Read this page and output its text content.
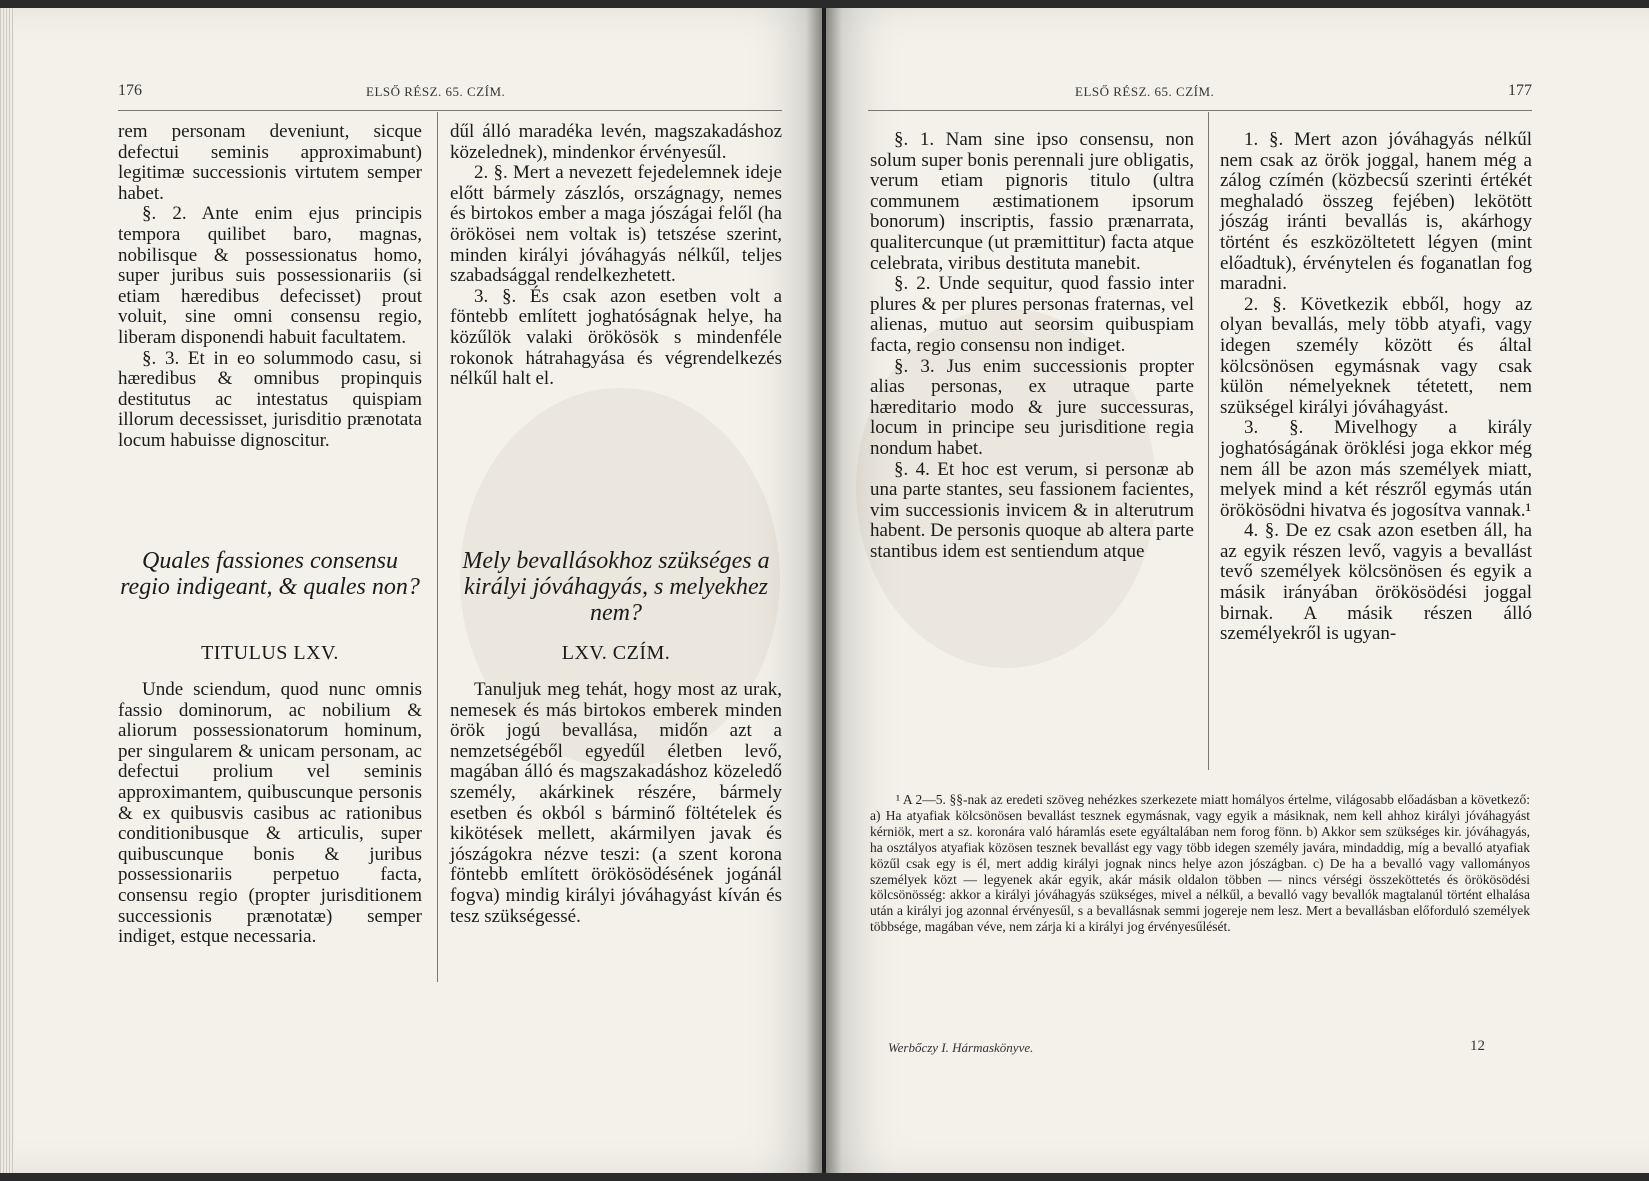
176	ELSŐ RÉSZ. 65. CZÍM.

rem personam deveniunt, sicque defectui seminis approximabunt) legitimæ successionis virtutem semper habet.

§. 2. Ante enim ejus principis tempora quilibet baro, magnas, nobilisque & possessionatus homo, super juribus suis possessionariis (si etiam hæredibus defecisset) prout voluit, sine omni consensu regio, liberam disponendi habuit facultatem.

§. 3. Et in eo solummodo casu, si hæredibus & omnibus propinquis destitutus ac intestatus quispiam illorum decessisset, jurisditio prænotata locum habuisse dignoscitur.

Quales fassiones consensu regio indigeant, & quales non?
TITULUS LXV.

Unde sciendum, quod nunc omnis fassio dominorum, ac nobilium & aliorum possessionatorum hominum, per singularem & unicam personam, ac defectui prolium vel seminis approximantem, quibuscunque personis & ex quibusvis casibus ac rationibus conditionibusque & articulis, super quibuscunque bonis & juribus possessionariis perpetuo facta, consensu regio (propter jurisditionem successionis prænotatæ) semper indiget, estque necessaria.

dűl álló maradéka levén, magszakadáshoz közelednek), mindenkor érvényesűl.

2. §. Mert a nevezett fejedelemnek ideje előtt bármely zászlós, országnagy, nemes és birtokos ember a maga jószágai felől (ha örökösei nem voltak is) tetszése szerint, minden királyi jóváhagyás nélkűl, teljes szabadsággal rendelkezhetett.

3. §. És csak azon esetben volt a föntebb említett joghatóságnak helye, ha közűlök valaki örökösök s mindenféle rokonok hátrahagyása és végrendelkezés nélkűl halt el.

Mely bevallásokhoz szükséges a királyi jóváhagyás, s melyekhez nem?
LXV. CZÍM.

Tanuljuk meg tehát, hogy most az urak, nemesek és más birtokos emberek minden örök jogú bevallása, midőn azt a nemzetségéből egyedűl életben levő, magában álló és magszakadáshoz közeledő személy, akárkinek részére, bármely esetben és okból s bárminő föltételek és kikötések mellett, akármilyen javak és jószágokra nézve teszi: (a szent korona föntebb említett örökösödésének jogánál fogva) mindig királyi jóváhagyást kíván és tesz szükségessé.

ELSŐ RÉSZ. 65. CZÍM.	177

§. 1. Nam sine ipso consensu, non solum super bonis perennali jure obligatis, verum etiam pignoris titulo (ultra communem æstimationem ipsorum bonorum) inscriptis, fassio prænarrata, qualitercunque (ut præmittitur) facta atque celebrata, viribus destituta manebit.

§. 2. Unde sequitur, quod fassio inter plures & per plures personas fraternas, vel alienas, mutuo aut seorsim quibuspiam facta, regio consensu non indiget.

§. 3. Jus enim successionis propter alias personas, ex utraque parte hæreditario modo & jure successuras, locum in principe seu jurisditione regia nondum habet.

§. 4. Et hoc est verum, si personæ ab una parte stantes, seu fassionem facientes, vim successionis invicem & in alterutrum habent. De personis quoque ab altera parte stantibus idem est sentiendum atque

1. §. Mert azon jóváhagyás nélkűl nem csak az örök joggal, hanem még a zálog czímén (közbecsű szerinti értékét meghaladó összeg fejében) lekötött jószág iránti bevallás is, akárhogy történt és eszközöltetett légyen (mint előadtuk), érvénytelen és foganatlan fog maradni.

2. §. Következik ebből, hogy az olyan bevallás, mely több atyafi, vagy idegen személy között és által kölcsönösen egymásnak vagy csak külön némelyeknek tétetett, nem szükségel királyi jóváhagyást.

3. §. Mivelhogy a király joghatóságának öröklési joga ekkor még nem áll be azon más személyek miatt, melyek mind a két részről egymás után örökösödni hivatva és jogosítva vannak.¹

4. §. De ez csak azon esetben áll, ha az egyik részen levő, vagyis a bevallást tevő személyek kölcsönösen és egyik a másik irányában örökösödési joggal birnak. A másik részen álló személyekről is ugyan-

¹ A 2—5. §§-nak az eredeti szöveg nehézkes szerkezete miatt homályos értelme, világosabb előadásban a következő: a) Ha atyafiak kölcsönösen bevallást tesznek egymásnak, vagy egyik a másiknak, nem kell ahhoz királyi jóváhagyást kérniök, mert a sz. koronára való háramlás esete egyáltalában nem forog fönn. b) Akkor sem szükséges kir. jóváhagyás, ha osztályos atyafiak közösen tesznek bevallást egy vagy több idegen személy javára, mindaddig, míg a bevalló atyafiak közűl csak egy is él, mert addig királyi jognak nincs helye azon jószágban. c) De ha a bevalló vagy vallományos személyek közt — legyenek akár egyik, akár másik oldalon többen — nincs vérségi összeköttetés és örökösödési kölcsönösség: akkor a királyi jóváhagyás szükséges, mivel a nélkűl, a bevalló vagy bevallók magtalanúl történt elhalása után a királyi jog azonnal érvényesűl, s a bevallásnak semmi jogereje nem lesz. Mert a bevallásban előforduló személyek többsége, magában véve, nem zárja ki a királyi jog érvényesűlését.

Werbőczy I. Hármaskönyve.	12
